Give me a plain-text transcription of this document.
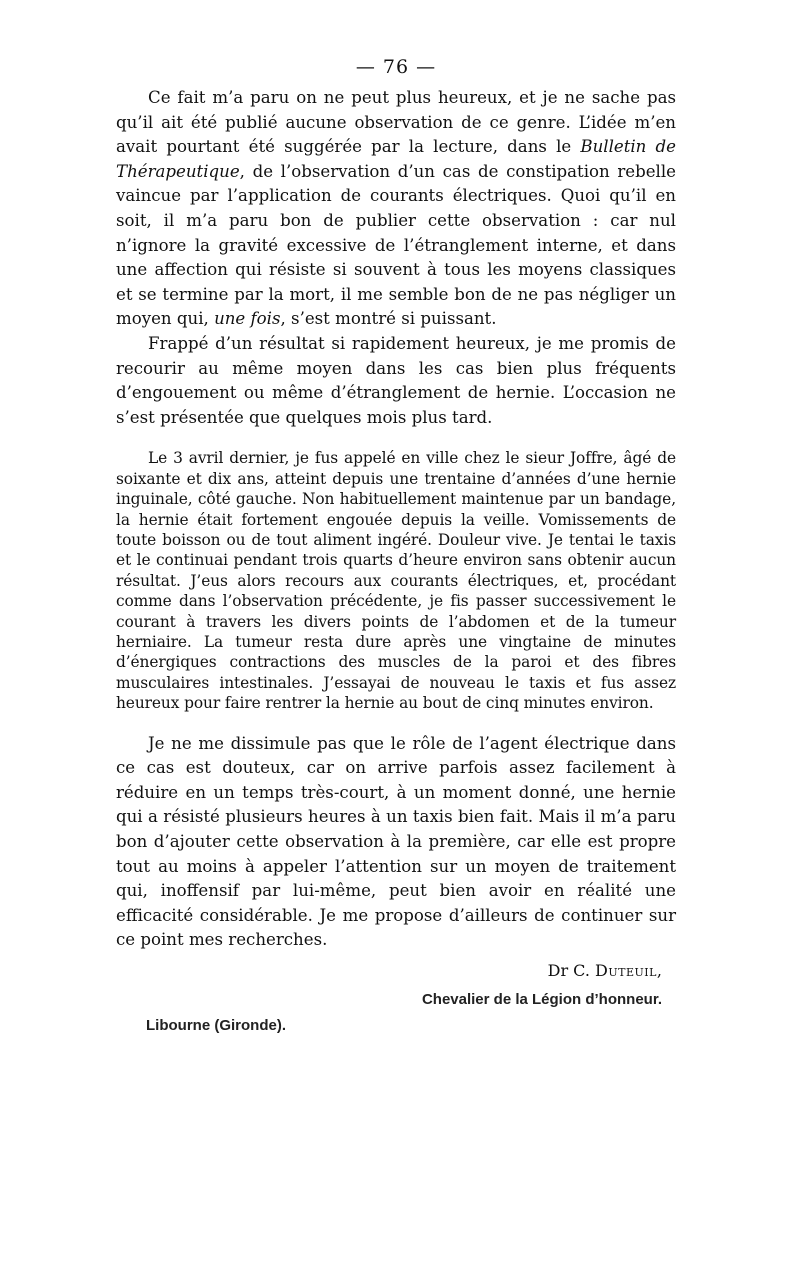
— 76 —

Ce fait m’a paru on ne peut plus heureux, et je ne sache pas qu’il ait été publié aucune observation de ce genre. L’idée m’en avait pourtant été suggérée par la lecture, dans le Bulletin de Thérapeutique, de l’observation d’un cas de constipation rebelle vaincue par l’application de courants électriques. Quoi qu’il en soit, il m’a paru bon de publier cette observation : car nul n’ignore la gravité excessive de l’étranglement interne, et dans une affection qui résiste si souvent à tous les moyens classiques et se termine par la mort, il me semble bon de ne pas négliger un moyen qui, une fois, s’est montré si puissant.

Frappé d’un résultat si rapidement heureux, je me promis de recourir au même moyen dans les cas bien plus fréquents d’engouement ou même d’étranglement de hernie. L’occasion ne s’est présentée que quelques mois plus tard.

Le 3 avril dernier, je fus appelé en ville chez le sieur Joffre, âgé de soixante et dix ans, atteint depuis une trentaine d’années d’une hernie inguinale, côté gauche. Non habituellement maintenue par un bandage, la hernie était fortement engouée depuis la veille. Vomissements de toute boisson ou de tout aliment ingéré. Douleur vive. Je tentai le taxis et le continuai pendant trois quarts d’heure environ sans obtenir aucun résultat. J’eus alors recours aux courants électriques, et, procédant comme dans l’observation précédente, je fis passer successivement le courant à travers les divers points de l’abdomen et de la tumeur herniaire. La tumeur resta dure après une vingtaine de minutes d’énergiques contractions des muscles de la paroi et des fibres musculaires intestinales. J’essayai de nouveau le taxis et fus assez heureux pour faire rentrer la hernie au bout de cinq minutes environ.

Je ne me dissimule pas que le rôle de l’agent électrique dans ce cas est douteux, car on arrive parfois assez facilement à réduire en un temps très-court, à un moment donné, une hernie qui a résisté plusieurs heures à un taxis bien fait. Mais il m’a paru bon d’ajouter cette observation à la première, car elle est propre tout au moins à appeler l’attention sur un moyen de traitement qui, inoffensif par lui-même, peut bien avoir en réalité une efficacité considérable. Je me propose d’ailleurs de continuer sur ce point mes recherches.

Dr C. Duteuil,
Chevalier de la Légion d’honneur.
Libourne (Gironde).
